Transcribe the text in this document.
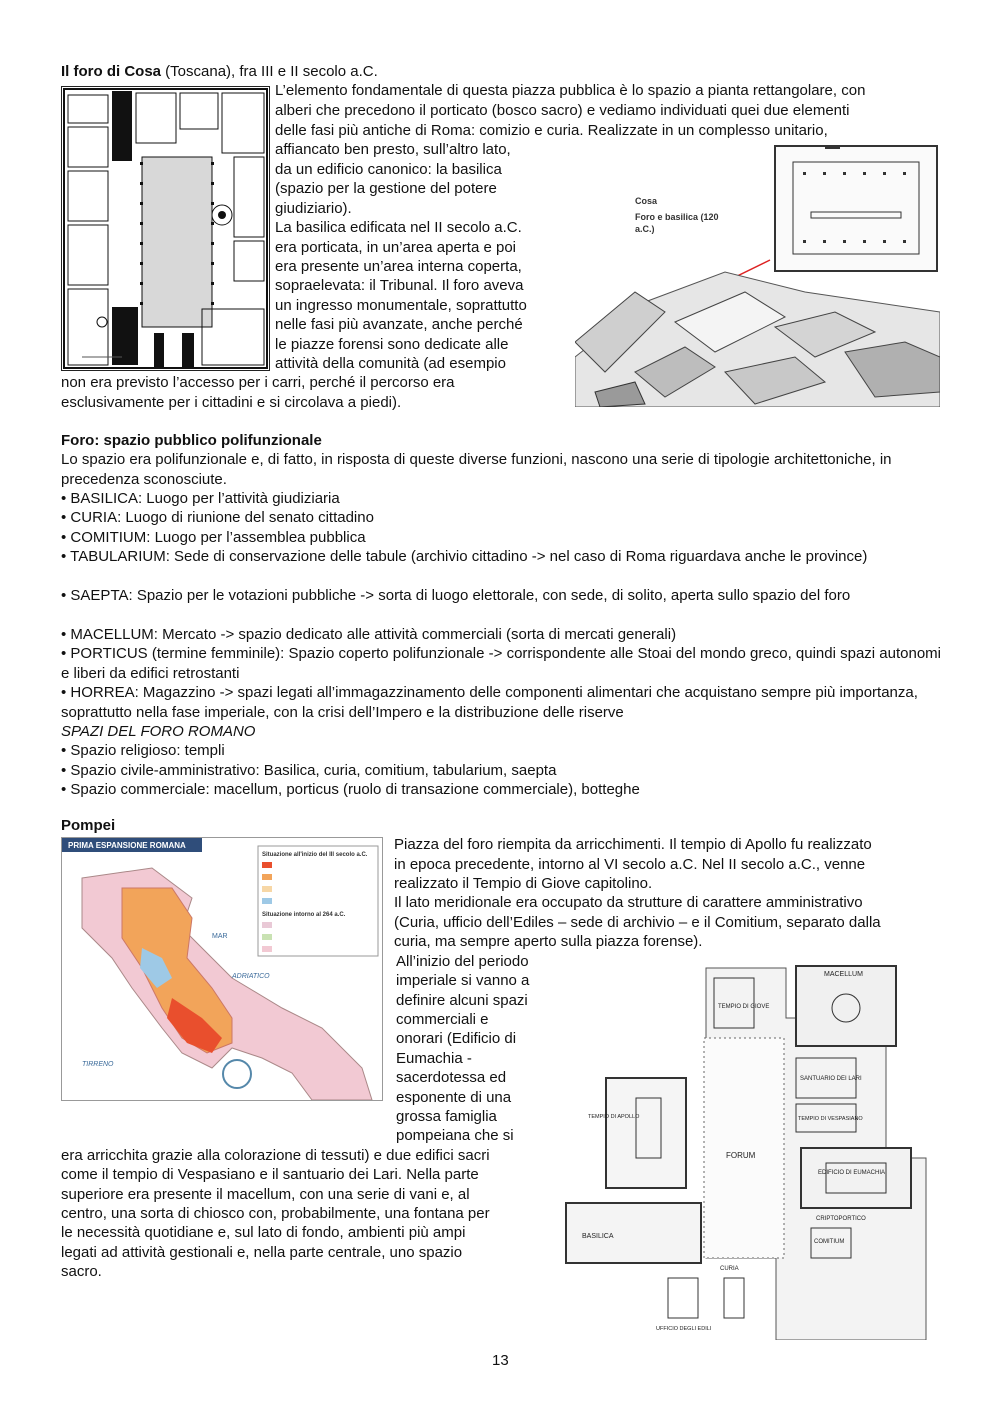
Il foro di Cosa (Toscana), fra III e II secolo a.C.
L’elemento fondamentale di questa piazza pubblica è lo spazio a pianta rettangolare, con
alberi che precedono il porticato (bosco sacro) e vediamo individuati quei due elementi
delle fasi più antiche di Roma: comizio e curia. Realizzate in un complesso unitario,
affiancato ben presto, sull’altro lato,
da un edificio canonico: la basilica
(spazio per la gestione del potere
giudiziario).
La basilica edificata nel II secolo a.C.
era porticata, in un’area aperta e poi
era presente un’area interna coperta,
sopraelevata: il Tribunal. Il foro aveva
un ingresso monumentale, soprattutto
nelle fasi più avanzate, anche perché
le piazze forensi sono dedicate alle
attività della comunità (ad esempio
non era previsto l’accesso per i carri, perché il percorso era
esclusivamente per i cittadini e si circolava a piedi).
Cosa
Foro e basilica (120
a.C.)
Foro: spazio pubblico polifunzionale

Lo spazio era polifunzionale e, di fatto, in risposta di queste diverse funzioni, nascono una serie di tipologie architettoniche, in precedenza sconosciute.

• BASILICA: Luogo per l’attività giudiziaria

• CURIA: Luogo di riunione del senato cittadino

• COMITIUM: Luogo per l’assemblea pubblica

• TABULARIUM: Sede di conservazione delle tabule (archivio cittadino -> nel caso di Roma riguardava anche le province)

• SAEPTA: Spazio per le votazioni pubbliche -> sorta di luogo elettorale, con sede, di solito, aperta sullo spazio del foro

• MACELLUM: Mercato -> spazio dedicato alle attività commerciali (sorta di mercati generali)

• PORTICUS (termine femminile): Spazio coperto polifunzionale -> corrispondente alle Stoai del mondo greco, quindi spazi autonomi e liberi da edifici retrostanti

• HORREA: Magazzino -> spazi legati all’immagazzinamento delle componenti alimentari che acquistano sempre più importanza, soprattutto nella fase imperiale, con la crisi dell’Impero e la distribuzione delle riserve

SPAZI DEL FORO ROMANO
• Spazio religioso: templi
• Spazio civile-amministrativo: Basilica, curia, comitium, tabularium, saepta
• Spazio commerciale: macellum, porticus (ruolo di transazione commerciale), botteghe
Pompei
PRIMA ESPANSIONE ROMANA
Situazione all'inizio del III secolo a.C.
Situazione intorno al 264 a.C.
MAR
ADRIATICO
TIRRENO
Piazza del foro riempita da arricchimenti. Il tempio di Apollo fu realizzato
in epoca precedente, intorno al VI secolo a.C. Nel II secolo a.C., venne
realizzato il Tempio di Giove capitolino.
Il lato meridionale era occupato da strutture di carattere amministrativo
(Curia, ufficio dell’Ediles – sede di archivio – e il Comitium, separato dalla
curia, ma sempre aperto sulla piazza forense).
All’inizio del periodo
imperiale si vanno a
definire alcuni spazi
commerciali e
onorari (Edificio di
Eumachia -
sacerdotessa ed
esponente di una
grossa famiglia
pompeiana che si
era arricchita grazie alla colorazione di tessuti) e due edifici sacri
come il tempio di Vespasiano e il santuario dei Lari. Nella parte
superiore era presente il macellum, con una serie di vani e, al
centro, una sorta di chiosco con, probabilmente, una fontana per
le necessità quotidiane e, sul lato di fondo, ambienti più ampi
legati ad attività gestionali e, nella parte centrale, uno spazio
sacro.
MACELLUM
TEMPIO DI GIOVE
SANTUARIO DEI LARI
TEMPIO DI VESPASIANO
TEMPIO DI APOLLO
FORUM
EDIFICIO DI EUMACHIA
CRIPTOPORTICO
BASILICA
COMITIUM
CURIA
UFFICIO DEGLI EDILI
13
